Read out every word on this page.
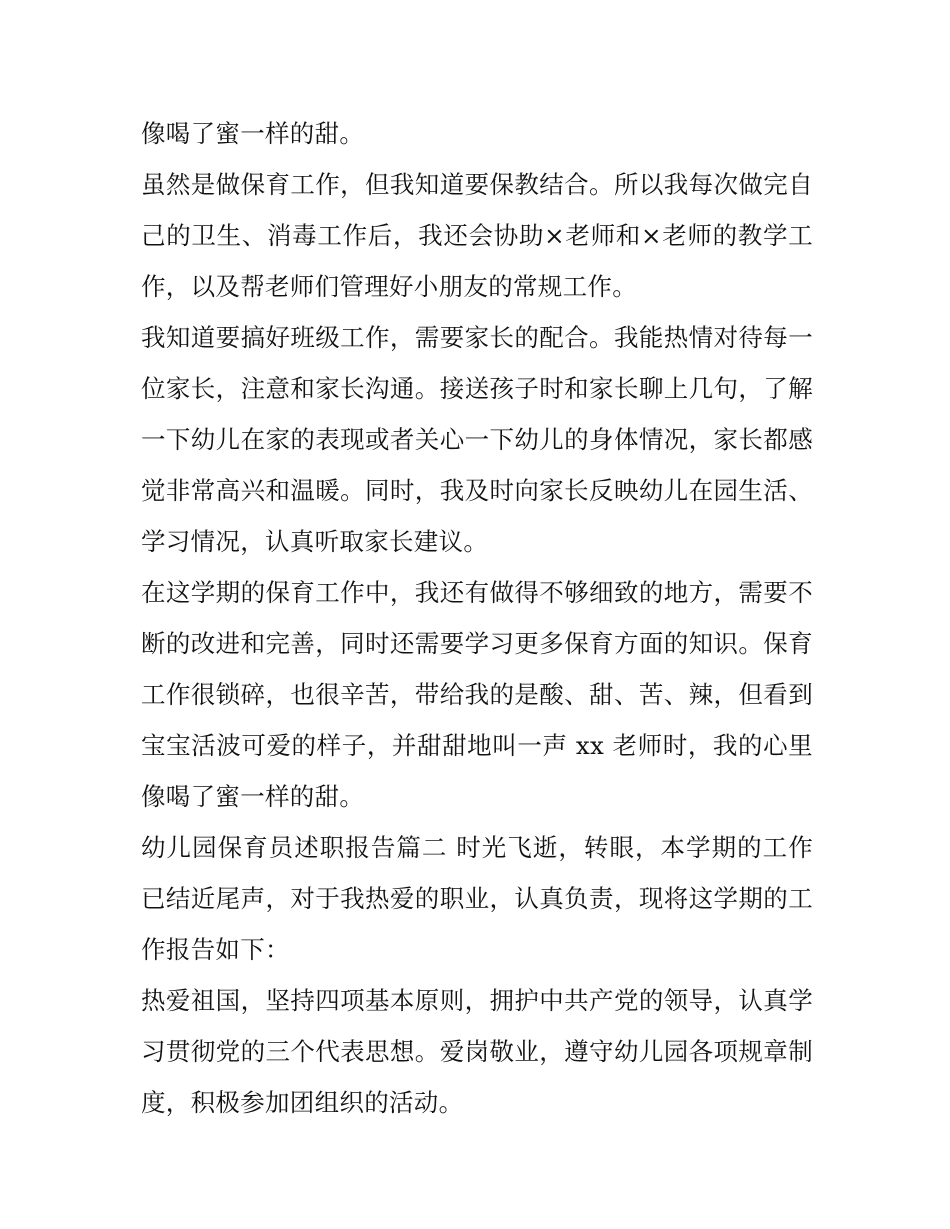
像喝了蜜一样的甜。

虽然是做保育工作，但我知道要保教结合。所以我每次做完自己的卫生、消毒工作后，我还会协助×老师和×老师的教学工作，以及帮老师们管理好小朋友的常规工作。

我知道要搞好班级工作，需要家长的配合。我能热情对待每一位家长，注意和家长沟通。接送孩子时和家长聊上几句，了解一下幼儿在家的表现或者关心一下幼儿的身体情况，家长都感觉非常高兴和温暖。同时，我及时向家长反映幼儿在园生活、学习情况，认真听取家长建议。

在这学期的保育工作中，我还有做得不够细致的地方，需要不断的改进和完善，同时还需要学习更多保育方面的知识。保育工作很锁碎，也很辛苦，带给我的是酸、甜、苦、辣，但看到宝宝活波可爱的样子，并甜甜地叫一声 xx 老师时，我的心里像喝了蜜一样的甜。

幼儿园保育员述职报告篇二 时光飞逝，转眼，本学期的工作已结近尾声，对于我热爱的职业，认真负责，现将这学期的工作报告如下：

热爱祖国，坚持四项基本原则，拥护中共产党的领导，认真学习贯彻党的三个代表思想。爱岗敬业，遵守幼儿园各项规章制度，积极参加团组织的活动。
